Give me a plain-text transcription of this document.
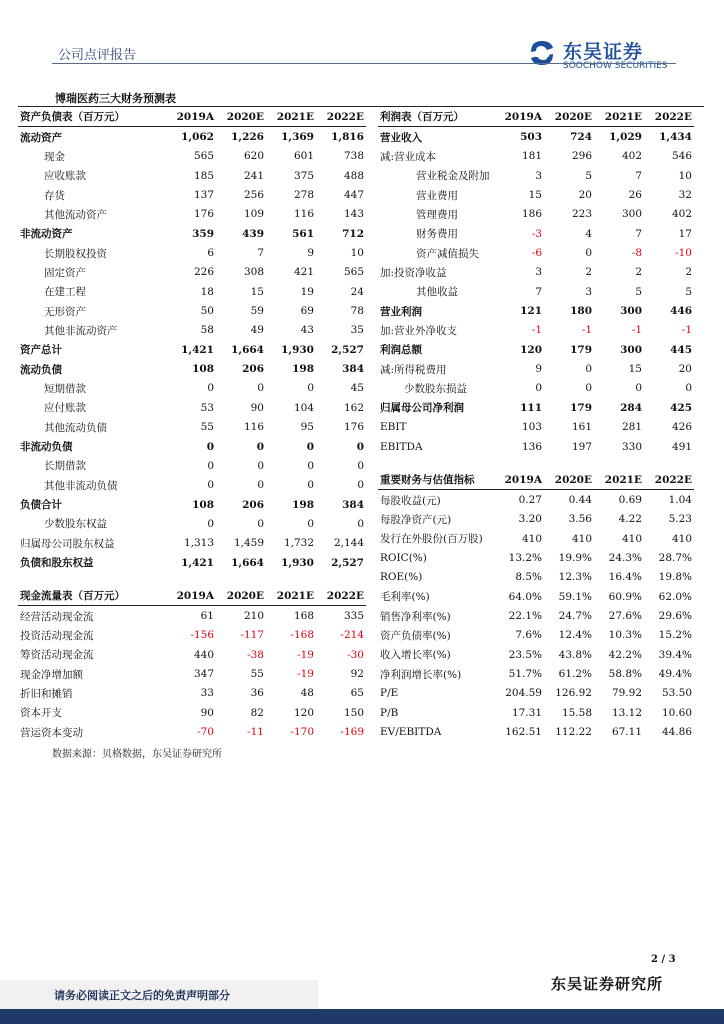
公司点评报告	SCS 东吴证券
SOOCHOW SECURITIES
博瑞医药三大财务预测表
资产负债表（百万元）	2019A	2020E	2021E	2022E
流动资产	1,062	1,226	1,369	1,816
现金	565	620	601	738
应收账款	185	241	375	488
存货	137	256	278	447
其他流动资产	176	109	116	143
非流动资产	359	439	561	712
长期股权投资	6	7	9	10
固定资产	226	308	421	565
在建工程	18	15	19	24
无形资产	50	59	69	78
其他非流动资产	58	49	43	35
资产总计	1,421	1,664	1,930	2,527
流动负债	108	206	198	384
短期借款	0	0	0	45
应付账款	53	90	104	162
其他流动负债	55	116	95	176
非流动负债	0	0	0	0
长期借款	0	0	0	0
其他非流动负债	0	0	0	0
负债合计	108	206	198	384
少数股东权益	0	0	0	0
归属母公司股东权益	1,313	1,459	1,732	2,144
负债和股东权益	1,421	1,664	1,930	2,527
现金流量表（百万元）	2019A	2020E	2021E	2022E
经营活动现金流	61	210	168	335
投资活动现金流	-156	-117	-168	-214
筹资活动现金流	440	-38	-19	-30
现金净增加额	347	55	-19	92
折旧和摊销	33	36	48	65
资本开支	90	82	120	150
营运资本变动	-70	-11	-170	-169
利润表（百万元）	2019A	2020E	2021E	2022E
营业收入	503	724	1,029	1,434
减:营业成本	181	296	402	546
营业税金及附加	3	5	7	10
营业费用	15	20	26	32
管理费用	186	223	300	402
财务费用	-3	4	7	17
资产减值损失	-6	0	-8	-10
加:投资净收益	3	2	2	2
其他收益	7	3	5	5
营业利润	121	180	300	446
加:营业外净收支	-1	-1	-1	-1
利润总额	120	179	300	445
减:所得税费用	9	0	15	20
少数股东损益	0	0	0	0
归属母公司净利润	111	179	284	425
EBIT	103	161	281	426
EBITDA	136	197	330	491
重要财务与估值指标	2019A	2020E	2021E	2022E
每股收益(元)	0.27	0.44	0.69	1.04
每股净资产(元)	3.20	3.56	4.22	5.23
发行在外股份(百万股)	410	410	410	410
ROIC(%)	13.2%	19.9%	24.3%	28.7%
ROE(%)	8.5%	12.3%	16.4%	19.8%
毛利率(%)	64.0%	59.1%	60.9%	62.0%
销售净利率(%)	22.1%	24.7%	27.6%	29.6%
资产负债率(%)	7.6%	12.4%	10.3%	15.2%
收入增长率(%)	23.5%	43.8%	42.2%	39.4%
净利润增长率(%)	51.7%	61.2%	58.8%	49.4%
P/E	204.59	126.92	79.92	53.50
P/B	17.31	15.58	13.12	10.60
EV/EBITDA	162.51	112.22	67.11	44.86
数据来源：贝格数据，东吴证券研究所
2 / 3
请务必阅读正文之后的免责声明部分
东吴证券研究所
